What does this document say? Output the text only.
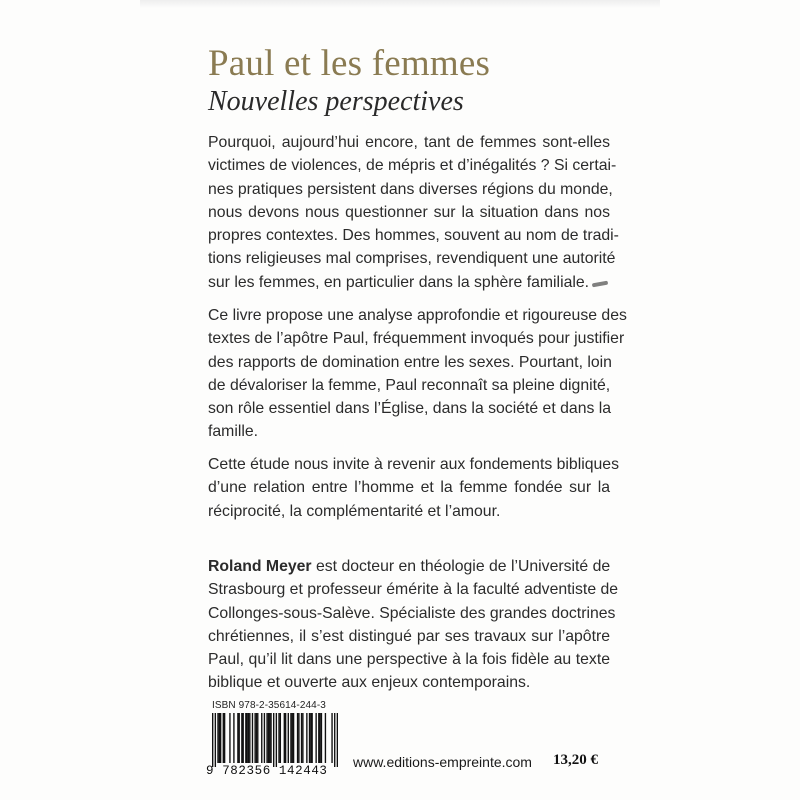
Paul et les femmes
Nouvelles perspectives
Pourquoi, aujourd’hui encore, tant de femmes sont-elles
victimes de violences, de mépris et d’inégalités ? Si certai-
nes pratiques persistent dans diverses régions du monde,
nous devons nous questionner sur la situation dans nos
propres contextes. Des hommes, souvent au nom de tradi-
tions religieuses mal comprises, revendiquent une autorité
sur les femmes, en particulier dans la sphère familiale.
Ce livre propose une analyse approfondie et rigoureuse des
textes de l’apôtre Paul, fréquemment invoqués pour justifier
des rapports de domination entre les sexes. Pourtant, loin
de dévaloriser la femme, Paul reconnaît sa pleine dignité,
son rôle essentiel dans l’Église, dans la société et dans la
famille.
Cette étude nous invite à revenir aux fondements bibliques
d’une relation entre l’homme et la femme fondée sur la
réciprocité, la complémentarité et l’amour.
Roland Meyer est docteur en théologie de l’Université de
Strasbourg et professeur émérite à la faculté adventiste de
Collonges-sous-Salève. Spécialiste des grandes doctrines
chrétiennes, il s’est distingué par ses travaux sur l’apôtre
Paul, qu’il lit dans une perspective à la fois fidèle au texte
biblique et ouverte aux enjeux contemporains.
ISBN 978-2-35614-244-3
9 782356 142443
www.editions-empreinte.com 13,20 €
